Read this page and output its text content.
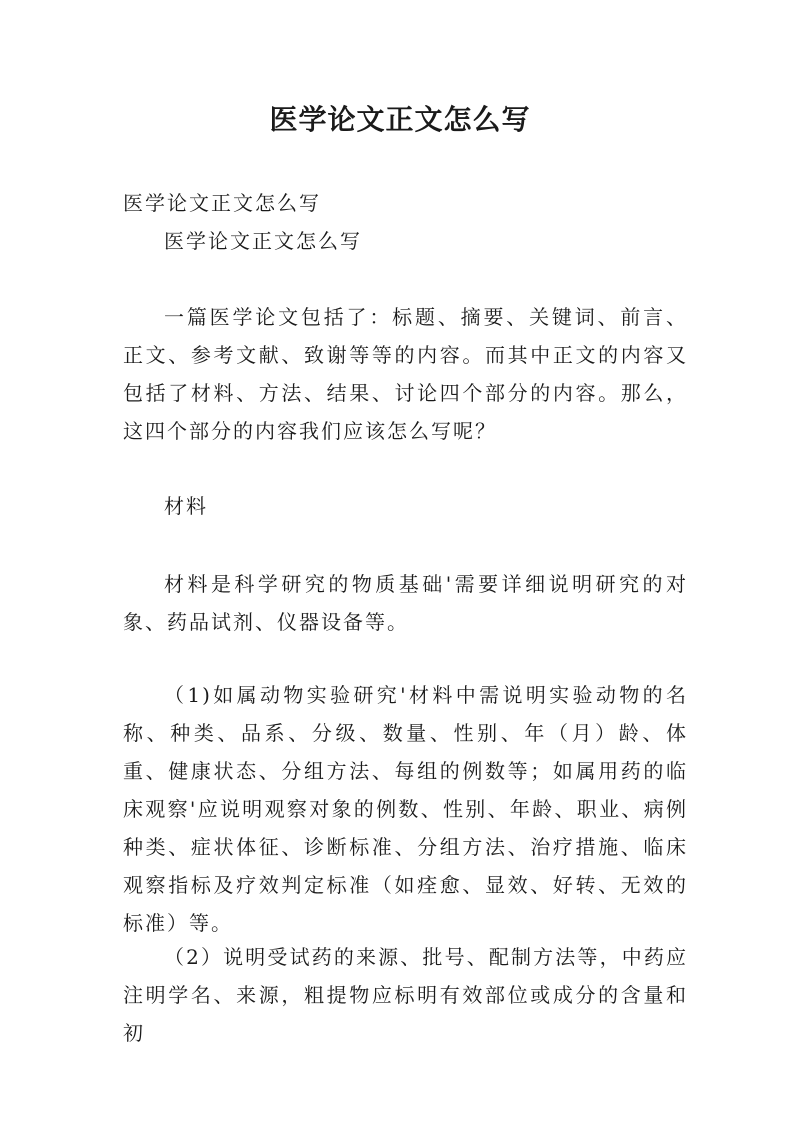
医学论文正文怎么写
医学论文正文怎么写
医学论文正文怎么写

一篇医学论文包括了：标题、摘要、关键词、前言、正文、参考文献、致谢等等的内容。而其中正文的内容又包括了材料、方法、结果、讨论四个部分的内容。那么，这四个部分的内容我们应该怎么写呢？

材料

材料是科学研究的物质基础'需要详细说明研究的对象、药品试剂、仪器设备等。

（1)如属动物实验研究'材料中需说明实验动物的名称、种类、品系、分级、数量、性别、年（月）龄、体重、健康状态、分组方法、每组的例数等；如属用药的临床观察'应说明观察对象的例数、性别、年龄、职业、病例种类、症状体征、诊断标准、分组方法、治疗措施、临床观察指标及疗效判定标准（如痊愈、显效、好转、无效的标准）等。

（2）说明受试药的来源、批号、配制方法等，中药应注明学名、来源，粗提物应标明有效部位或成分的含量和初
